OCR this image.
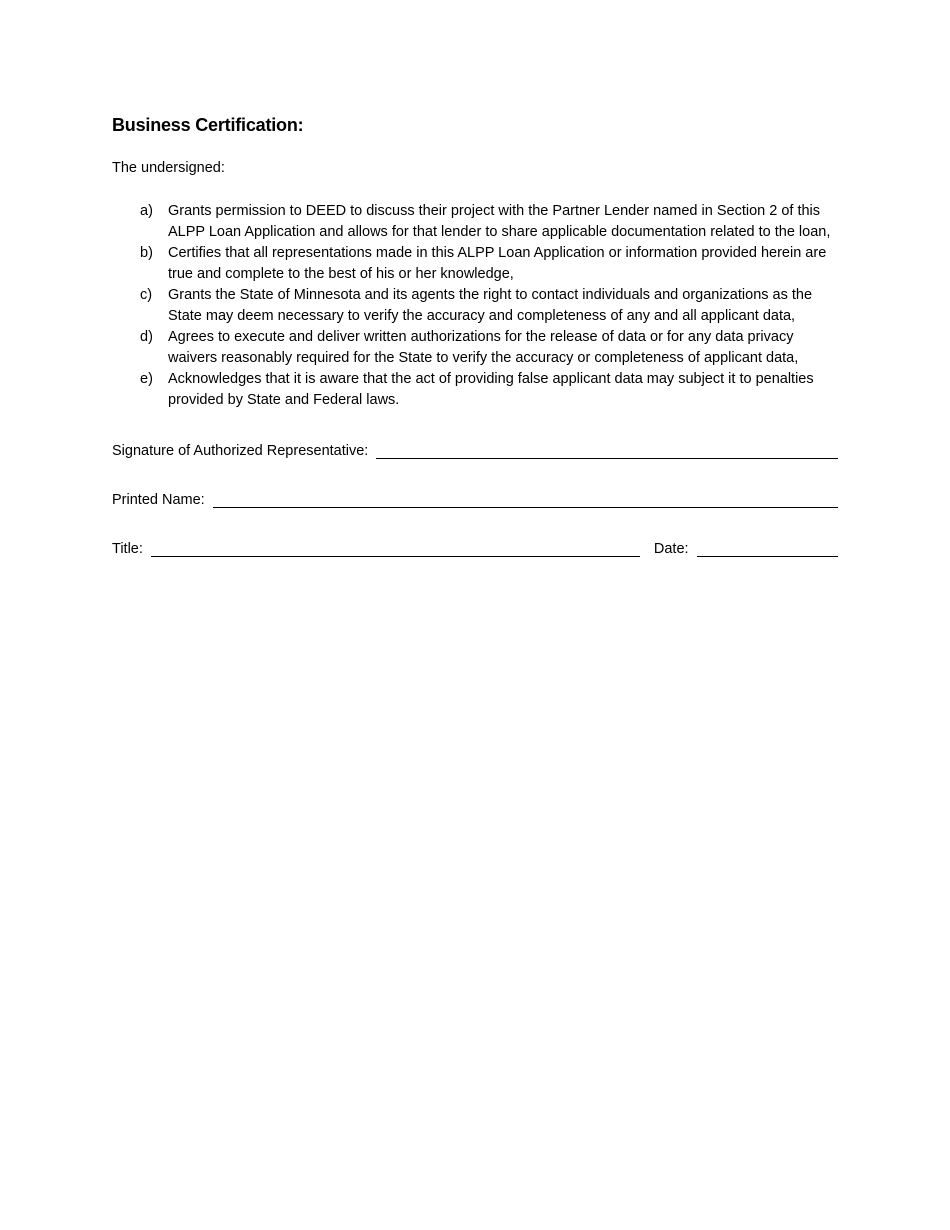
Business Certification:
The undersigned:
a)	Grants permission to DEED to discuss their project with the Partner Lender named in Section 2 of this ALPP Loan Application and allows for that lender to share applicable documentation related to the loan,
b)	Certifies that all representations made in this ALPP Loan Application or information provided herein are true and complete to the best of his or her knowledge,
c)	Grants the State of Minnesota and its agents the right to contact individuals and organizations as the State may deem necessary to verify the accuracy and completeness of any and all applicant data,
d)	Agrees to execute and deliver written authorizations for the release of data or for any data privacy waivers reasonably required for the State to verify the accuracy or completeness of applicant data,
e)	Acknowledges that it is aware that the act of providing false applicant data may subject it to penalties provided by State and Federal laws.
Signature of Authorized Representative:
Printed Name:
Title:	Date:
